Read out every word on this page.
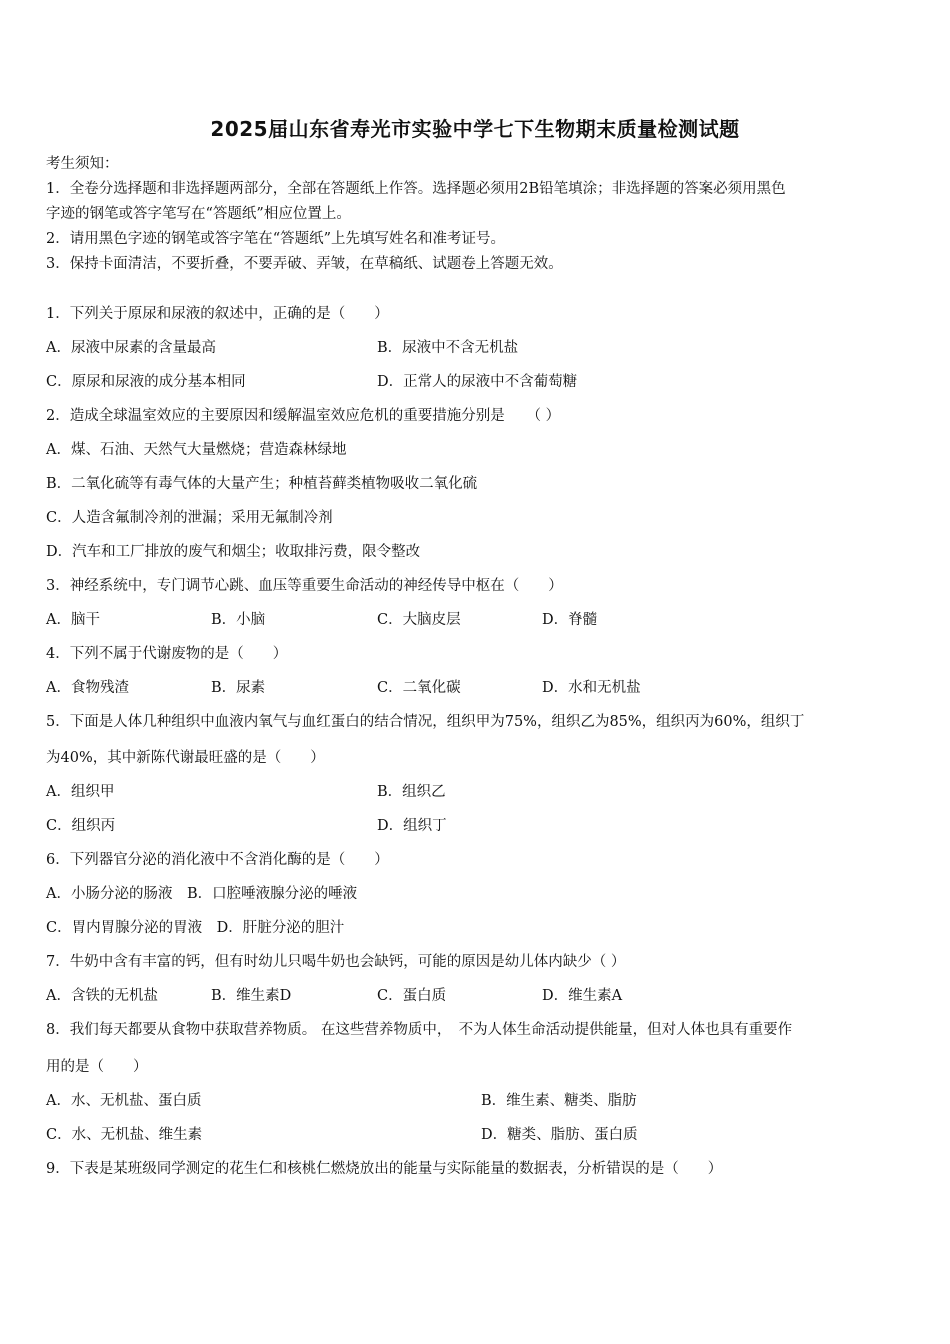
2025届山东省寿光市实验中学七下生物期末质量检测试题
考生须知：
1．全卷分选择题和非选择题两部分，全部在答题纸上作答。选择题必须用2B铅笔填涂；非选择题的答案必须用黑色
字迹的钢笔或答字笔写在“答题纸”相应位置上。
2．请用黑色字迹的钢笔或答字笔在“答题纸”上先填写姓名和准考证号。
3．保持卡面清洁，不要折叠，不要弄破、弄皱，在草稿纸、试题卷上答题无效。
1．下列关于原尿和尿液的叙述中，正确的是（　　）
A．尿液中尿素的含量最高	B．尿液中不含无机盐
C．原尿和尿液的成分基本相同	D．正常人的尿液中不含葡萄糖
2．造成全球温室效应的主要原因和缓解温室效应危机的重要措施分别是　　（ ）
A．煤、石油、天然气大量燃烧；营造森林绿地
B．二氧化硫等有毒气体的大量产生；种植苔藓类植物吸收二氧化硫
C．人造含氟制冷剂的泄漏；采用无氟制冷剂
D．汽车和工厂排放的废气和烟尘；收取排污费，限令整改
3．神经系统中，专门调节心跳、血压等重要生命活动的神经传导中枢在（　　）
A．脑干	B．小脑	C．大脑皮层	D．脊髓
4．下列不属于代谢废物的是（　　）
A．食物残渣	B．尿素	C．二氧化碳	D．水和无机盐
5．下面是人体几种组织中血液内氧气与血红蛋白的结合情况，组织甲为75%，组织乙为85%，组织丙为60%，组织丁
为40%，其中新陈代谢最旺盛的是（　　）
A．组织甲	B．组织乙
C．组织丙	D．组织丁
6．下列器官分泌的消化液中不含消化酶的是（　　）
A．小肠分泌的肠液　B．口腔唾液腺分泌的唾液
C．胃内胃腺分泌的胃液　D．肝脏分泌的胆汁
7．牛奶中含有丰富的钙，但有时幼儿只喝牛奶也会缺钙，可能的原因是幼儿体内缺少（ ）
A．含铁的无机盐	B．维生素D	C．蛋白质	D．维生素A
8．我们每天都要从食物中获取营养物质。 在这些营养物质中，　不为人体生命活动提供能量，但对人体也具有重要作
用的是（　　）
A．水、无机盐、蛋白质	B．维生素、糖类、脂肪
C．水、无机盐、维生素	D．糖类、脂肪、蛋白质
9．下表是某班级同学测定的花生仁和核桃仁燃烧放出的能量与实际能量的数据表，分析错误的是（　　）
